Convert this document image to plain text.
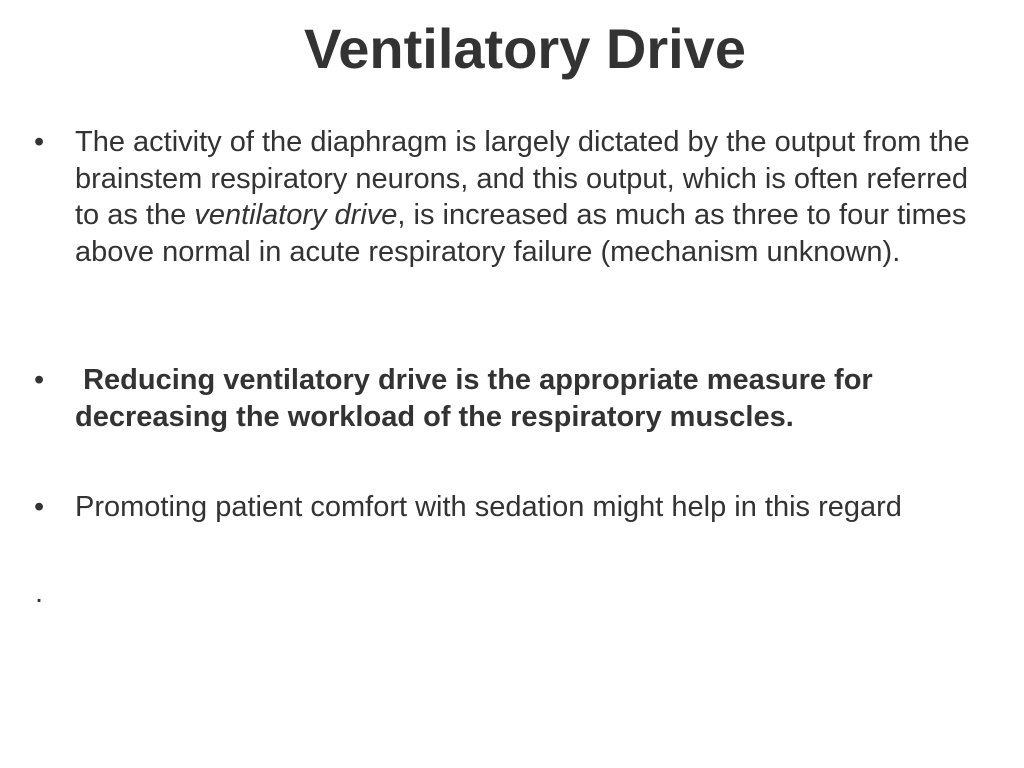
Ventilatory Drive
•	The activity of the diaphragm is largely dictated by the output from the brainstem respiratory neurons, and this output, which is often referred to as the ventilatory drive, is increased as much as three to four times above normal in acute respiratory failure (mechanism unknown).
•	Reducing ventilatory drive is the appropriate measure for decreasing the workload of the respiratory muscles.
•	Promoting patient comfort with sedation might help in this regard
.
